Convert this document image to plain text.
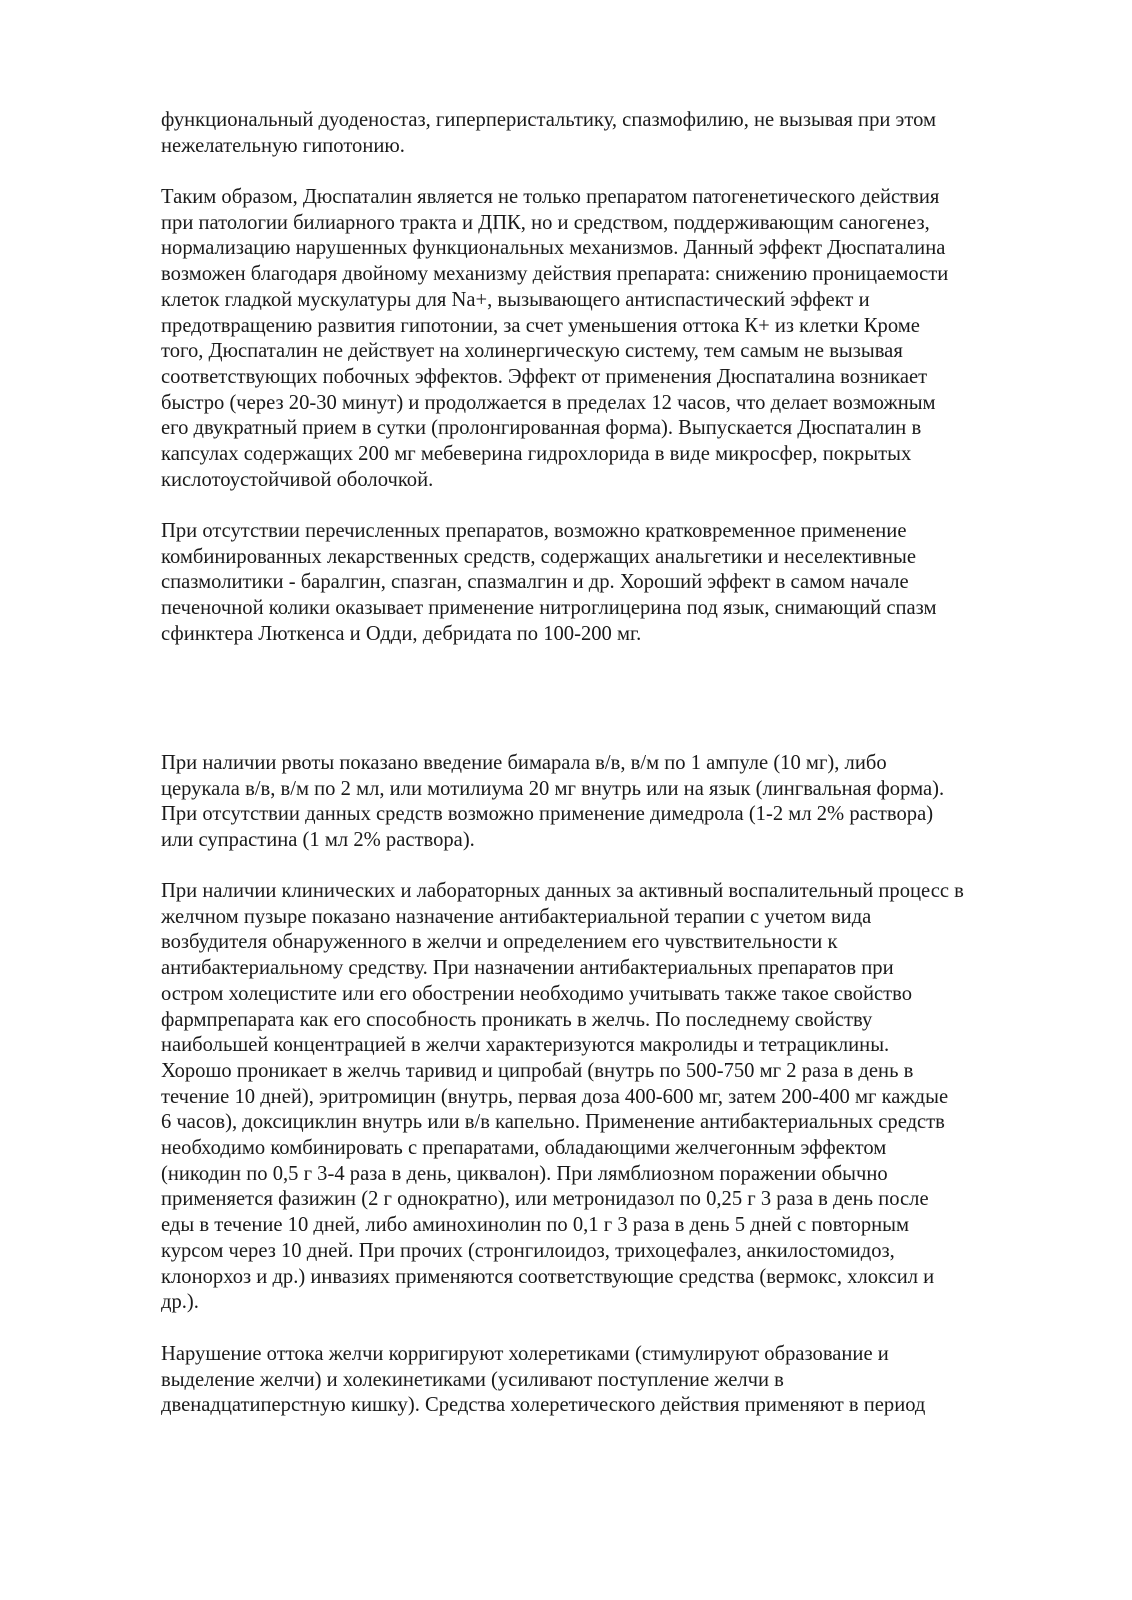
функциональный дуоденостаз, гиперперистальтику, спазмофилию, не вызывая при этом
нежелательную гипотонию.

Таким образом, Дюспаталин является не только препаратом патогенетического действия
при патологии билиарного тракта и ДПК, но и средством, поддерживающим саногенез,
нормализацию нарушенных функциональных механизмов. Данный эффект Дюспаталина
возможен благодаря двойному механизму действия препарата: снижению проницаемости
клеток гладкой мускулатуры для Na+, вызывающего антиспастический эффект и
предотвращению развития гипотонии, за счет уменьшения оттока К+ из клетки Кроме
того, Дюспаталин не действует на холинергическую систему, тем самым не вызывая
соответствующих побочных эффектов. Эффект от применения Дюспаталина возникает
быстро (через 20-30 минут) и продолжается в пределах 12 часов, что делает возможным
его двукратный прием в сутки (пролонгированная форма). Выпускается Дюспаталин в
капсулах содержащих 200 мг мебеверина гидрохлорида в виде микросфер, покрытых
кислотоустойчивой оболочкой.

При отсутствии перечисленных препаратов, возможно кратковременное применение
комбинированных лекарственных средств, содержащих анальгетики и неселективные
спазмолитики - баралгин, спазган, спазмалгин и др. Хороший эффект в самом начале
печеночной колики оказывает применение нитроглицерина под язык, снимающий спазм
сфинктера Люткенса и Одди, дебридата по 100-200 мг.

При наличии рвоты показано введение бимарала в/в, в/м по 1 ампуле (10 мг), либо
церукала в/в, в/м по 2 мл, или мотилиума 20 мг внутрь или на язык (лингвальная форма).
При отсутствии данных средств возможно применение димедрола (1-2 мл 2% раствора)
или супрастина (1 мл 2% раствора).

При наличии клинических и лабораторных данных за активный воспалительный процесс в
желчном пузыре показано назначение антибактериальной терапии с учетом вида
возбудителя обнаруженного в желчи и определением его чувствительности к
антибактериальному средству. При назначении антибактериальных препаратов при
остром холецистите или его обострении необходимо учитывать также такое свойство
фармпрепарата как его способность проникать в желчь. По последнему свойству
наибольшей концентрацией в желчи характеризуются макролиды и тетрациклины.
Хорошо проникает в желчь таривид и ципробай (внутрь по 500-750 мг 2 раза в день в
течение 10 дней), эритромицин (внутрь, первая доза 400-600 мг, затем 200-400 мг каждые
6 часов), доксициклин внутрь или в/в капельно. Применение антибактериальных средств
необходимо комбинировать с препаратами, обладающими желчегонным эффектом
(никодин по 0,5 г 3-4 раза в день, циквалон). При лямблиозном поражении обычно
применяется фазижин (2 г однократно), или метронидазол по 0,25 г 3 раза в день после
еды в течение 10 дней, либо аминохинолин по 0,1 г 3 раза в день 5 дней с повторным
курсом через 10 дней. При прочих (стронгилоидоз, трихоцефалез, анкилостомидоз,
клонорхоз и др.) инвазиях применяются соответствующие средства (вермокс, хлоксил и
др.).

Нарушение оттока желчи корригируют холеретиками (стимулируют образование и
выделение желчи) и холекинетиками (усиливают поступление желчи в
двенадцатиперстную кишку). Средства холеретического действия применяют в период
